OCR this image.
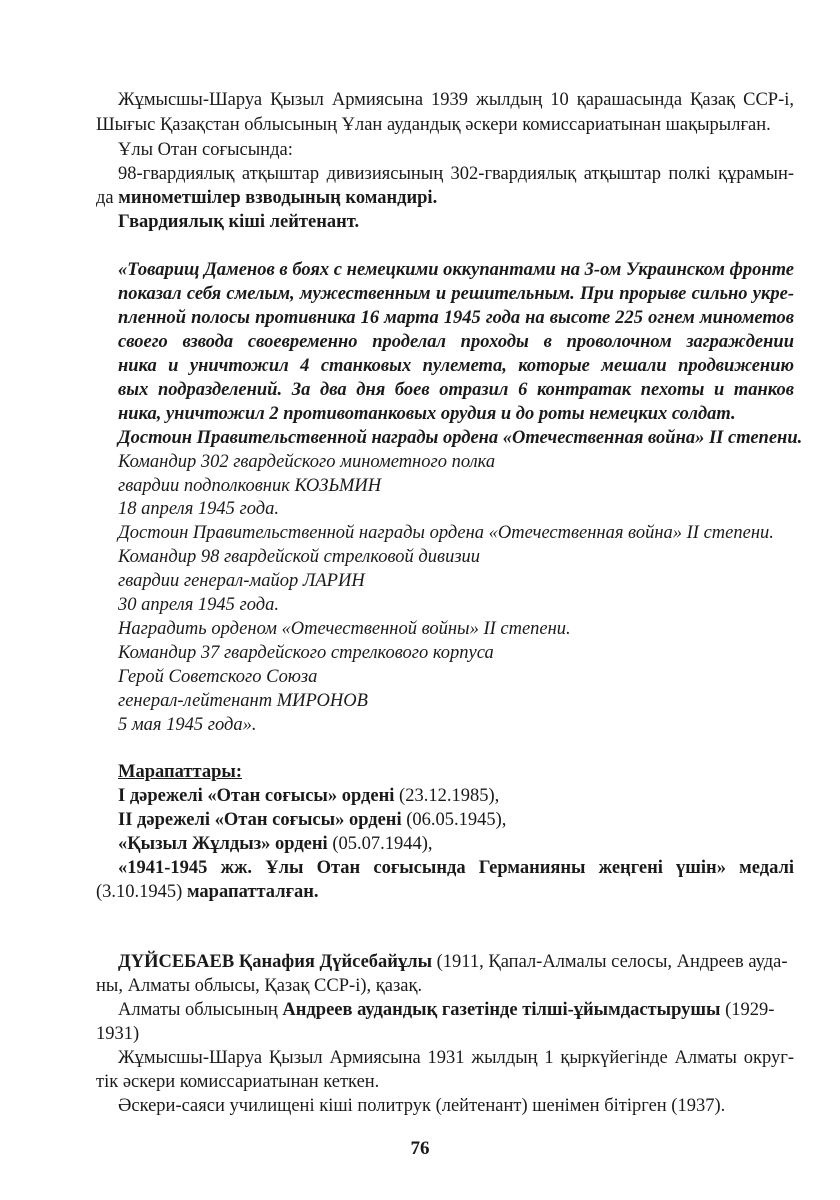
Жұмысшы-Шаруа Қызыл Армиясына 1939 жылдың 10 қарашасында Қазақ ССР-і,
Шығыс Қазақстан облысының Ұлан аудандық әскери комиссариатынан шақырылған.
Ұлы Отан соғысында:
98-гвардиялық атқыштар дивизиясының 302-гвардиялық атқыштар полкі құрамын-
да минометшілер взводының командирі.
Гвардиялық кіші лейтенант.
«Товарищ Даменов в боях с немецкими оккупантами на 3-ом Украинском фронте
показал себя смелым, мужественным и решительным. При прорыве сильно укре-
пленной полосы противника 16 марта 1945 года на высоте 225 огнем минометов
своего взвода своевременно проделал проходы в проволочном заграждении
ника и уничтожил 4 станковых пулемета, которые мешали продвижению
вых подразделений. За два дня боев отразил 6 контратак пехоты и танков
ника, уничтожил 2 противотанковых орудия и до роты немецких солдат.
Достоин Правительственной награды ордена «Отечественная война» II степени.
Командир 302 гвардейского минометного полка
гвардии подполковник КОЗЬМИН
18 апреля 1945 года.
Достоин Правительственной награды ордена «Отечественная война» II степени.
Командир 98 гвардейской стрелковой дивизии
гвардии генерал-майор ЛАРИН
30 апреля 1945 года.
Наградить орденом «Отечественной войны» II степени.
Командир 37 гвардейского стрелкового корпуса
Герой Советского Союза
генерал-лейтенант МИРОНОВ
5 мая 1945 года».
Марапаттары:
І дәрежелі «Отан соғысы» ордені (23.12.1985),
ІІ дәрежелі «Отан соғысы» ордені (06.05.1945),
«Қызыл Жұлдыз» ордені (05.07.1944),
«1941-1945 жж. Ұлы Отан соғысында Германияны жеңгені үшін» медалі
(3.10.1945) марапатталған.
ДҮЙСЕБАЕВ Қанафия Дүйсебайұлы (1911, Қапал-Алмалы селосы, Андреев ауда-
ны, Алматы облысы, Қазақ ССР-і), қазақ.
Алматы облысының Андреев аудандық газетінде тілші-ұйымдастырушы (1929-
1931)
Жұмысшы-Шаруа Қызыл Армиясына 1931 жылдың 1 қыркүйегінде Алматы округ-
тік әскери комиссариатынан кеткен.
Әскери-саяси училищені кіші политрук (лейтенант) шенімен бітірген (1937).
76
